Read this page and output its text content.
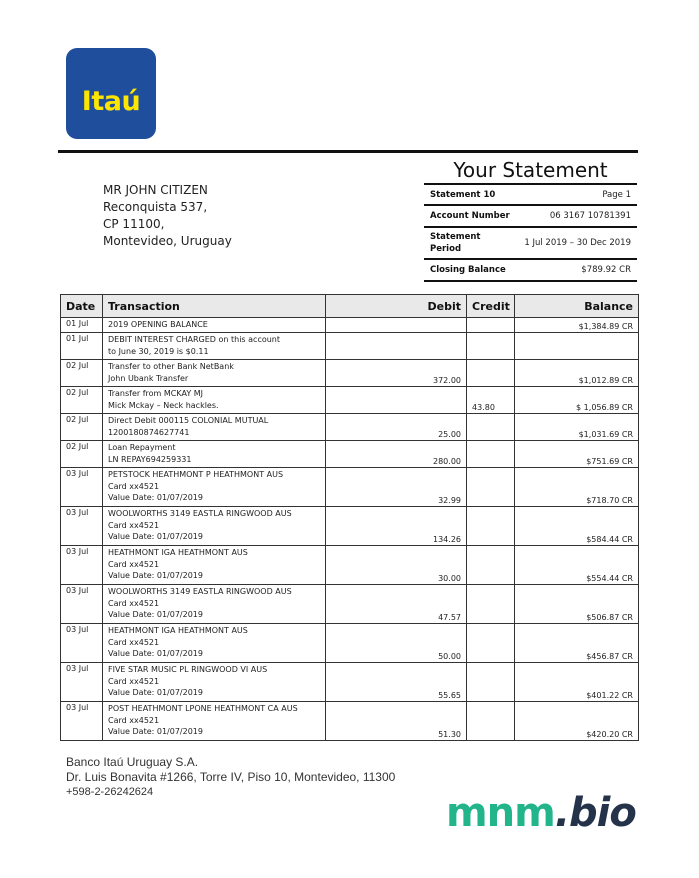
Itaú
MR JOHN CITIZEN
Reconquista 537,
CP 11100,
Montevideo, Uruguay
Your Statement
Statement 10	Page 1
Account Number	06 3167 10781391
Statement Period
1 Jul 2019 – 30 Dec 2019
Closing Balance	$789.92 CR
Date	Transaction	Debit	Credit	Balance
01 Jul	2019 OPENING BALANCE			$1,384.89 CR
01 Jul	DEBIT INTEREST CHARGED on this account
to June 30, 2019 is $0.11			

02 Jul	Transfer to other Bank NetBank
John Ubank Transfer	372.00		$1,012.89 CR
02 Jul	Transfer from MCKAY MJ
Mick Mckay – Neck hackles.		43.80	$ 1,056.89 CR
02 Jul	Direct Debit 000115 COLONIAL MUTUAL
1200180874627741	25.00		$1,031.69 CR
02 Jul	Loan Repayment
LN REPAY694259331	280.00		$751.69 CR
03 Jul	PETSTOCK HEATHMONT P HEATHMONT AUS
Card xx4521
Value Date: 01/07/2019	32.99		$718.70 CR
03 Jul	WOOLWORTHS 3149 EASTLA RINGWOOD AUS
Card xx4521
Value Date: 01/07/2019	134.26		$584.44 CR
03 Jul	HEATHMONT IGA HEATHMONT AUS
Card xx4521
Value Date: 01/07/2019	30.00		$554.44 CR
03 Jul	WOOLWORTHS 3149 EASTLA RINGWOOD AUS
Card xx4521
Value Date: 01/07/2019	47.57		$506.87 CR
03 Jul	HEATHMONT IGA HEATHMONT AUS
Card xx4521
Value Date: 01/07/2019	50.00		$456.87 CR
03 Jul	FIVE STAR MUSIC PL RINGWOOD VI AUS
Card xx4521
Value Date: 01/07/2019	55.65		$401.22 CR
03 Jul	POST HEATHMONT LPONE HEATHMONT CA AUS
Card xx4521
Value Date: 01/07/2019	51.30		$420.20 CR
Banco Itaú Uruguay S.A.
Dr. Luis Bonavita #1266, Torre IV, Piso 10, Montevideo, 11300
+598-2-26242624	mnm.bio
